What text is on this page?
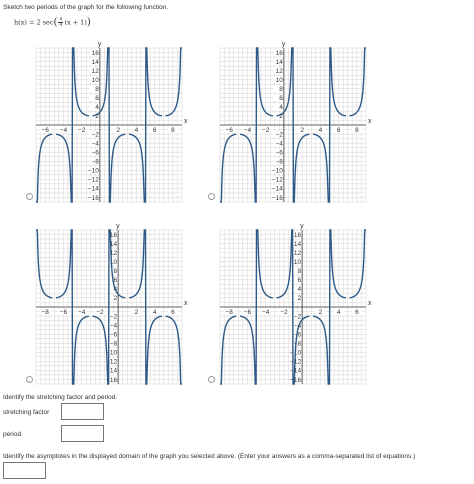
Sketch two periods of the graph for the following function.
h(x) = 2 $\sec( \frac{\pi}{4} (x + 1))$
x
y
−6 −4 −2	2 4 6 8
16
14
12
10
8
6
4
2
−2
−4
−6
−8
−10
−12
−14
−16
x
y
−6 −4 −2	2 4 6 8
16
14
12
10
8
6
4
2
−2
−4
−6
−8
−10
−12
−14
−16
x
y
−8 −6 −4 −2	2 4 6
16
14
12
10
8
6
4
2
−2
−4
−6
−8
−10
−12
−14
−16
x
y
−8 −6 −4 −2	2 4 6
16
14
12
10
8
6
4
2
−2
−4
−6
−8
−10
−12
−14
−16
Identify the stretching factor and period.
stretching factor
period
Identify the asymptotes in the displayed domain of the graph you selected above. (Enter your answers as a comma-separated list of equations.)
